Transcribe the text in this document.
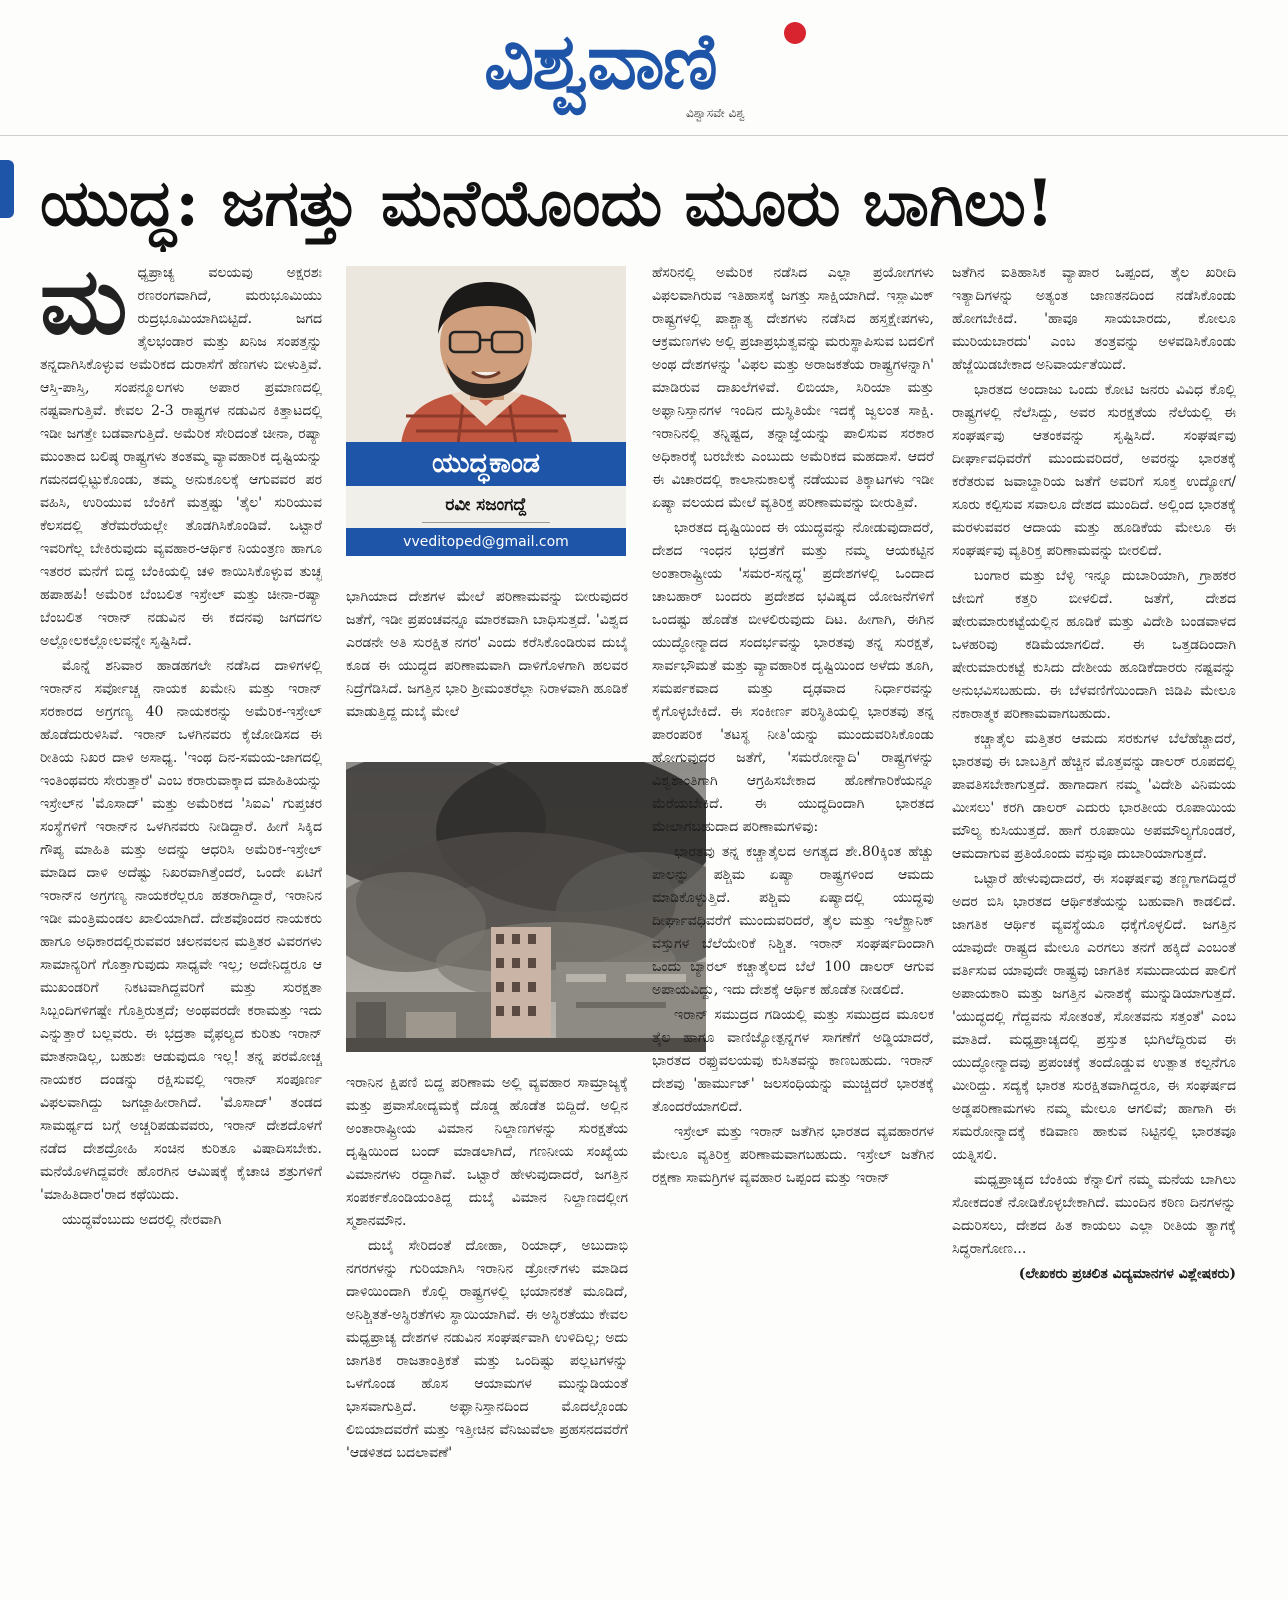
ವಿಶ್ವವಾಣಿ
ವಿಶ್ವಾಸವೇ ವಿಶ್ವ
ಯುದ್ಧ: ಜಗತ್ತು ಮನೆಯೊಂದು ಮೂರು ಬಾಗಿಲು!

ಮಧ್ಯಪ್ರಾಚ್ಯ ವಲಯವು ಅಕ್ಷರಶಃ ರಣರಂಗವಾಗಿದೆ, ಮರುಭೂಮಿಯು ರುದ್ರಭೂಮಿಯಾಗಿಬಿಟ್ಟಿದೆ. ಜಗದ ತೈಲಭಂಡಾರ ಮತ್ತು ಖನಿಜ ಸಂಪತ್ತನ್ನು ತನ್ನದಾಗಿಸಿಕೊಳ್ಳುವ ಅಮೆರಿಕದ ದುರಾಸೆಗೆ ಹೆಣಗಳು ಬೀಳುತ್ತಿವೆ. ಆಸ್ತಿ-ಪಾಸ್ತಿ, ಸಂಪನ್ಮೂಲಗಳು ಅಪಾರ ಪ್ರಮಾಣದಲ್ಲಿ ನಷ್ಟವಾಗುತ್ತಿವೆ. ಕೇವಲ 2-3 ರಾಷ್ಟ್ರಗಳ ನಡುವಿನ ಕಿತ್ತಾಟದಲ್ಲಿ ಇಡೀ ಜಗತ್ತೇ ಬಡವಾಗುತ್ತಿದೆ. ಅಮೆರಿಕ ಸೇರಿದಂತೆ ಚೀನಾ, ರಷ್ಯಾ ಮುಂತಾದ ಬಲಿಷ್ಠ ರಾಷ್ಟ್ರಗಳು ತಂತಮ್ಮ ವ್ಯಾವಹಾರಿಕ ದೃಷ್ಟಿಯನ್ನು ಗಮನದಲ್ಲಿಟ್ಟುಕೊಂಡು, ತಮ್ಮ ಅನುಕೂಲಕ್ಕೆ ಆಗುವವರ ಪರ ವಹಿಸಿ, ಉರಿಯುವ ಬೆಂಕಿಗೆ ಮತ್ತಷ್ಟು 'ತೈಲ' ಸುರಿಯುವ ಕೆಲಸದಲ್ಲಿ ತೆರೆಮರೆಯಲ್ಲೇ ತೊಡಗಿಸಿಕೊಂಡಿವೆ. ಒಟ್ಟಾರೆ ಇವರಿಗೆಲ್ಲ ಬೇಕಿರುವುದು ವ್ಯವಹಾರ-ಆರ್ಥಿಕ ನಿಯಂತ್ರಣ ಹಾಗೂ ಇತರರ ಮನೆಗೆ ಬಿದ್ದ ಬೆಂಕಿಯಲ್ಲಿ ಚಳಿ ಕಾಯಿಸಿಕೊಳ್ಳುವ ತುಚ್ಛ ಹಪಾಹಪಿ! ಅಮೆರಿಕ ಬೆಂಬಲಿತ ಇಸ್ರೇಲ್ ಮತ್ತು ಚೀನಾ-ರಷ್ಯಾ ಬೆಂಬಲಿತ ಇರಾನ್ ನಡುವಿನ ಈ ಕದನವು ಜಗದಗಲ ಅಲ್ಲೋಲಕಲ್ಲೋಲವನ್ನೇ ಸೃಷ್ಟಿಸಿದೆ.

ಮೊನ್ನೆ ಶನಿವಾರ ಹಾಡಹಗಲೇ ನಡೆಸಿದ ದಾಳಿಗಳಲ್ಲಿ ಇರಾನ್‌ನ ಸರ್ವೋಚ್ಚ ನಾಯಕ ಖಮೇನಿ ಮತ್ತು ಇರಾನ್ ಸರಕಾರದ ಅಗ್ರಗಣ್ಯ 40 ನಾಯಕರನ್ನು ಅಮೆರಿಕ-ಇಸ್ರೇಲ್ ಹೊಡೆದುರುಳಿಸಿವೆ. ಇರಾನ್ ಒಳಗಿನವರು ಕೈಜೋಡಿಸದ ಈ ರೀತಿಯ ನಿಖರ ದಾಳಿ ಅಸಾಧ್ಯ. 'ಇಂಥ ದಿನ-ಸಮಯ-ಜಾಗದಲ್ಲಿ ಇಂತಿಂಥವರು ಸೇರುತ್ತಾರೆ' ಎಂಬ ಕರಾರುವಾಕ್ಕಾದ ಮಾಹಿತಿಯನ್ನು ಇಸ್ರೇಲ್‌ನ 'ಮೊಸಾದ್' ಮತ್ತು ಅಮೆರಿಕದ 'ಸಿಐಎ' ಗುಪ್ತಚರ ಸಂಸ್ಥೆಗಳಿಗೆ ಇರಾನ್‌ನ ಒಳಗಿನವರು ನೀಡಿದ್ದಾರೆ. ಹೀಗೆ ಸಿಕ್ಕಿದ ಗೌಪ್ಯ ಮಾಹಿತಿ ಮತ್ತು ಅದನ್ನು ಆಧರಿಸಿ ಅಮೆರಿಕ-ಇಸ್ರೇಲ್ ಮಾಡಿದ ದಾಳಿ ಅದೆಷ್ಟು ನಿಖರವಾಗಿತ್ತೆಂದರೆ, ಒಂದೇ ಏಟಿಗೆ ಇರಾನ್‌ನ ಅಗ್ರಗಣ್ಯ ನಾಯಕರೆಲ್ಲರೂ ಹತರಾಗಿದ್ದಾರೆ, ಇರಾನಿನ ಇಡೀ ಮಂತ್ರಿಮಂಡಲ ಖಾಲಿಯಾಗಿದೆ. ದೇಶವೊಂದರ ನಾಯಕರು ಹಾಗೂ ಅಧಿಕಾರದಲ್ಲಿರುವವರ ಚಲನವಲನ ಮತ್ತಿತರ ವಿವರಗಳು ಸಾಮಾನ್ಯರಿಗೆ ಗೊತ್ತಾಗುವುದು ಸಾಧ್ಯವೇ ಇಲ್ಲ; ಅದೇನಿದ್ದರೂ ಆ ಮುಖಂಡರಿಗೆ ನಿಕಟವಾಗಿದ್ದವರಿಗೆ ಮತ್ತು ಸುರಕ್ಷತಾ ಸಿಬ್ಬಂದಿಗಳಿಗಷ್ಟೇ ಗೊತ್ತಿರುತ್ತದೆ; ಅಂಥವರದೇ ಕರಾಮತ್ತು ಇದು ಎನ್ನುತ್ತಾರೆ ಬಲ್ಲವರು. ಈ ಭದ್ರತಾ ವೈಫಲ್ಯದ ಕುರಿತು ಇರಾನ್ ಮಾತನಾಡಿಲ್ಲ, ಬಹುಶಃ ಆಡುವುದೂ ಇಲ್ಲ! ತನ್ನ ಪರಮೋಚ್ಚ ನಾಯಕರ ದಂಡನ್ನು ರಕ್ಷಿಸುವಲ್ಲಿ ಇರಾನ್ ಸಂಪೂರ್ಣ ವಿಫಲವಾಗಿದ್ದು ಜಗಜ್ಜಾಹೀರಾಗಿದೆ. 'ಮೊಸಾದ್' ತಂಡದ ಸಾಮರ್ಥ್ಯದ ಬಗ್ಗೆ ಅಚ್ಚರಿಪಡುವವರು, ಇರಾನ್ ದೇಶದೊಳಗೆ ನಡೆದ ದೇಶದ್ರೋಹಿ ಸಂಚಿನ ಕುರಿತೂ ವಿಷಾದಿಸಬೇಕು. ಮನೆಯೊಳಗಿದ್ದವರೇ ಹೊರಗಿನ ಆಮಿಷಕ್ಕೆ ಕೈಚಾಚಿ ಶತ್ರುಗಳಿಗೆ 'ಮಾಹಿತಿದಾರ'ರಾದ ಕಥೆಯಿದು.

ಯುದ್ಧವೆಂಬುದು ಅದರಲ್ಲಿ ನೇರವಾಗಿ

ಯುದ್ಧಕಾಂಡ
ರವೀ ಸಜಂಗದ್ದೆ
vveditoped@gmail.com

ಭಾಗಿಯಾದ ದೇಶಗಳ ಮೇಲೆ ಪರಿಣಾಮವನ್ನು ಬೀರುವುದರ ಜತೆಗೆ, ಇಡೀ ಪ್ರಪಂಚವನ್ನೂ ಮಾರಕವಾಗಿ ಬಾಧಿಸುತ್ತದೆ. 'ವಿಶ್ವದ ಎರಡನೇ ಅತಿ ಸುರಕ್ಷಿತ ನಗರ' ಎಂದು ಕರೆಸಿಕೊಂಡಿರುವ ದುಬೈ ಕೂಡ ಈ ಯುದ್ಧದ ಪರಿಣಾಮವಾಗಿ ದಾಳಿಗೊಳಗಾಗಿ ಹಲವರ ನಿದ್ರೆಗೆಡಿಸಿದೆ. ಜಗತ್ತಿನ ಭಾರಿ ಶ್ರೀಮಂತರೆಲ್ಲಾ ನಿರಾಳವಾಗಿ ಹೂಡಿಕೆ ಮಾಡುತ್ತಿದ್ದ ದುಬೈ ಮೇಲೆ

ಇರಾನಿನ ಕ್ಷಿಪಣಿ ಬಿದ್ದ ಪರಿಣಾಮ ಅಲ್ಲಿ ವ್ಯವಹಾರ ಸಾಮ್ರಾಜ್ಯಕ್ಕೆ ಮತ್ತು ಪ್ರವಾಸೋದ್ಯಮಕ್ಕೆ ದೊಡ್ಡ ಹೊಡೆತ ಬಿದ್ದಿದೆ. ಅಲ್ಲಿನ ಅಂತಾರಾಷ್ಟ್ರೀಯ ವಿಮಾನ ನಿಲ್ದಾಣಗಳನ್ನು ಸುರಕ್ಷತೆಯ ದೃಷ್ಟಿಯಿಂದ ಬಂದ್ ಮಾಡಲಾಗಿದೆ, ಗಣನೀಯ ಸಂಖ್ಯೆಯ ವಿಮಾನಗಳು ರದ್ದಾಗಿವೆ. ಒಟ್ಟಾರೆ ಹೇಳುವುದಾದರೆ, ಜಗತ್ತಿನ ಸಂಪರ್ಕಕೊಂಡಿಯಂತಿದ್ದ ದುಬೈ ವಿಮಾನ ನಿಲ್ದಾಣದಲ್ಲೀಗ ಸ್ಮಶಾನಮೌನ.

ದುಬೈ ಸೇರಿದಂತೆ ದೋಹಾ, ರಿಯಾಧ್, ಅಬುದಾಭಿ ನಗರಗಳನ್ನು ಗುರಿಯಾಗಿಸಿ ಇರಾನಿನ ಡ್ರೋನ್‌ಗಳು ಮಾಡಿದ ದಾಳಿಯಿಂದಾಗಿ ಕೊಲ್ಲಿ ರಾಷ್ಟ್ರಗಳಲ್ಲಿ ಭಯಾನಕತೆ ಮೂಡಿದೆ, ಅನಿಶ್ಚಿತತೆ-ಅಸ್ಥಿರತೆಗಳು ಸ್ಥಾಯಿಯಾಗಿವೆ. ಈ ಅಸ್ಥಿರತೆಯು ಕೇವಲ ಮಧ್ಯಪ್ರಾಚ್ಯ ದೇಶಗಳ ನಡುವಿನ ಸಂಘರ್ಷವಾಗಿ ಉಳಿದಿಲ್ಲ; ಅದು ಜಾಗತಿಕ ರಾಜತಾಂತ್ರಿಕತೆ ಮತ್ತು ಒಂದಿಷ್ಟು ಪಲ್ಲಟಗಳನ್ನು ಒಳಗೊಂಡ ಹೊಸ ಆಯಾಮಗಳ ಮುನ್ನುಡಿಯಂತೆ ಭಾಸವಾಗುತ್ತಿದೆ. ಅಫ್ಘಾನಿಸ್ತಾನದಿಂದ ಮೊದಲ್ಗೊಂಡು ಲಿಬಿಯಾದವರೆಗೆ ಮತ್ತು ಇತ್ತೀಚಿನ ವೆನಿಜುವೆಲಾ ಪ್ರಹಸನದವರೆಗೆ 'ಆಡಳಿತದ ಬದಲಾವಣೆ'

ಹೆಸರಿನಲ್ಲಿ ಅಮೆರಿಕ ನಡೆಸಿದ ಎಲ್ಲಾ ಪ್ರಯೋಗಗಳು ವಿಫಲವಾಗಿರುವ ಇತಿಹಾಸಕ್ಕೆ ಜಗತ್ತು ಸಾಕ್ಷಿಯಾಗಿದೆ. ಇಸ್ಲಾಮಿಕ್ ರಾಷ್ಟ್ರಗಳಲ್ಲಿ ಪಾಶ್ಚಾತ್ಯ ದೇಶಗಳು ನಡೆಸಿದ ಹಸ್ತಕ್ಷೇಪಗಳು, ಆಕ್ರಮಣಗಳು ಅಲ್ಲಿ ಪ್ರಜಾಪ್ರಭುತ್ವವನ್ನು ಮರುಸ್ಥಾಪಿಸುವ ಬದಲಿಗೆ ಅಂಥ ದೇಶಗಳನ್ನು 'ವಿಫಲ ಮತ್ತು ಅರಾಜಕತೆಯ ರಾಷ್ಟ್ರಗಳನ್ನಾಗಿ' ಮಾಡಿರುವ ದಾಖಲೆಗಳಿವೆ. ಲಿಬಿಯಾ, ಸಿರಿಯಾ ಮತ್ತು ಅಫ್ಘಾನಿಸ್ತಾನಗಳ ಇಂದಿನ ದುಸ್ಥಿತಿಯೇ ಇದಕ್ಕೆ ಜ್ವಲಂತ ಸಾಕ್ಷಿ. ಇರಾನಿನಲ್ಲಿ ತನ್ನಿಷ್ಟದ, ತನ್ನಾಜ್ಞೆಯನ್ನು ಪಾಲಿಸುವ ಸರಕಾರ ಅಧಿಕಾರಕ್ಕೆ ಬರಬೇಕು ಎಂಬುದು ಅಮೆರಿಕದ ಮಹದಾಸೆ. ಆದರೆ ಈ ವಿಚಾರದಲ್ಲಿ ಕಾಲಾನುಕಾಲಕ್ಕೆ ನಡೆಯುವ ತಿಕ್ಕಾಟಗಳು ಇಡೀ ಏಷ್ಯಾ ವಲಯದ ಮೇಲೆ ವ್ಯತಿರಿಕ್ತ ಪರಿಣಾಮವನ್ನು ಬೀರುತ್ತಿವೆ.

ಭಾರತದ ದೃಷ್ಟಿಯಿಂದ ಈ ಯುದ್ಧವನ್ನು ನೋಡುವುದಾದರೆ, ದೇಶದ ಇಂಧನ ಭದ್ರತೆಗೆ ಮತ್ತು ನಮ್ಮ ಆಯಕಟ್ಟಿನ ಅಂತಾರಾಷ್ಟ್ರೀಯ 'ಸಮರ-ಸನ್ನದ್ಧ' ಪ್ರದೇಶಗಳಲ್ಲಿ ಒಂದಾದ ಚಾಬಹಾರ್ ಬಂದರು ಪ್ರದೇಶದ ಭವಿಷ್ಯದ ಯೋಜನೆಗಳಿಗೆ ಒಂದಷ್ಟು ಹೊಡೆತ ಬೀಳಲಿರುವುದು ದಿಟ. ಹೀಗಾಗಿ, ಈಗಿನ ಯುದ್ಧೋನ್ಮಾದದ ಸಂದರ್ಭವನ್ನು ಭಾರತವು ತನ್ನ ಸುರಕ್ಷತೆ, ಸಾರ್ವಭೌಮತೆ ಮತ್ತು ವ್ಯಾವಹಾರಿಕ ದೃಷ್ಟಿಯಿಂದ ಅಳೆದು ತೂಗಿ, ಸಮರ್ಪಕವಾದ ಮತ್ತು ದೃಢವಾದ ನಿರ್ಧಾರವನ್ನು ಕೈಗೊಳ್ಳಬೇಕಿದೆ. ಈ ಸಂಕೀರ್ಣ ಪರಿಸ್ಥಿತಿಯಲ್ಲಿ ಭಾರತವು ತನ್ನ ಪಾರಂಪರಿಕ 'ತಟಸ್ಥ ನೀತಿ'ಯನ್ನು ಮುಂದುವರಿಸಿಕೊಂಡು ಹೋಗುವುದರ ಜತೆಗೆ, 'ಸಮರೋನ್ಮಾದಿ' ರಾಷ್ಟ್ರಗಳನ್ನು ವಿಶ್ವಶಾಂತಿಗಾಗಿ ಆಗ್ರಹಿಸಬೇಕಾದ ಹೊಣೆಗಾರಿಕೆಯನ್ನೂ ಮೆರೆಯಬೇಕಿದೆ. ಈ ಯುದ್ಧದಿಂದಾಗಿ ಭಾರತದ ಮೇಲಾಗಬಹುದಾದ ಪರಿಣಾಮಗಳಿವು:

ಭಾರತವು ತನ್ನ ಕಚ್ಚಾತೈಲದ ಅಗತ್ಯದ ಶೇ.80ಕ್ಕಿಂತ ಹೆಚ್ಚು ಪಾಲನ್ನು ಪಶ್ಚಿಮ ಏಷ್ಯಾ ರಾಷ್ಟ್ರಗಳಿಂದ ಆಮದು ಮಾಡಿಕೊಳ್ಳುತ್ತಿದೆ. ಪಶ್ಚಿಮ ಏಷ್ಯಾದಲ್ಲಿ ಯುದ್ಧವು ದೀರ್ಘಾವಧಿವರೆಗೆ ಮುಂದುವರಿದರೆ, ತೈಲ ಮತ್ತು ಇಲೆಕ್ಟ್ರಾನಿಕ್ ವಸ್ತುಗಳ ಬೆಲೆಯೇರಿಕೆ ನಿಶ್ಚಿತ. ಇರಾನ್ ಸಂಘರ್ಷದಿಂದಾಗಿ ಒಂದು ಬ್ಯಾರಲ್ ಕಚ್ಚಾತೈಲದ ಬೆಲೆ 100 ಡಾಲರ್ ಆಗುವ ಅಪಾಯವಿದ್ದು, ಇದು ದೇಶಕ್ಕೆ ಆರ್ಥಿಕ ಹೊಡೆತ ನೀಡಲಿದೆ.

ಇರಾನ್ ಸಮುದ್ರದ ಗಡಿಯಲ್ಲಿ ಮತ್ತು ಸಮುದ್ರದ ಮೂಲಕ ತೈಲ ಹಾಗೂ ವಾಣಿಜ್ಯೋತ್ಪನ್ನಗಳ ಸಾಗಣೆಗೆ ಅಡ್ಡಿಯಾದರೆ, ಭಾರತದ ರಫ್ತುವಲಯವು ಕುಸಿತವನ್ನು ಕಾಣಬಹುದು. ಇರಾನ್ ದೇಶವು 'ಹಾರ್ಮುಜ್' ಜಲಸಂಧಿಯನ್ನು ಮುಚ್ಚಿದರೆ ಭಾರತಕ್ಕೆ ತೊಂದರೆಯಾಗಲಿದೆ.

ಇಸ್ರೇಲ್ ಮತ್ತು ಇರಾನ್ ಜತೆಗಿನ ಭಾರತದ ವ್ಯವಹಾರಗಳ ಮೇಲೂ ವ್ಯತಿರಿಕ್ತ ಪರಿಣಾಮವಾಗಬಹುದು. ಇಸ್ರೇಲ್ ಜತೆಗಿನ ರಕ್ಷಣಾ ಸಾಮಗ್ರಿಗಳ ವ್ಯವಹಾರ ಒಪ್ಪಂದ ಮತ್ತು ಇರಾನ್

ಜತೆಗಿನ ಐತಿಹಾಸಿಕ ವ್ಯಾಪಾರ ಒಪ್ಪಂದ, ತೈಲ ಖರೀದಿ ಇತ್ಯಾದಿಗಳನ್ನು ಅತ್ಯಂತ ಜಾಣತನದಿಂದ ನಡೆಸಿಕೊಂಡು ಹೋಗಬೇಕಿದೆ. 'ಹಾವೂ ಸಾಯಬಾರದು, ಕೋಲೂ ಮುರಿಯಬಾರದು' ಎಂಬ ತಂತ್ರವನ್ನು ಅಳವಡಿಸಿಕೊಂಡು ಹೆಜ್ಜೆಯಿಡಬೇಕಾದ ಅನಿವಾರ್ಯತೆಯಿದೆ.

ಭಾರತದ ಅಂದಾಜು ಒಂದು ಕೋಟಿ ಜನರು ವಿವಿಧ ಕೊಲ್ಲಿ ರಾಷ್ಟ್ರಗಳಲ್ಲಿ ನೆಲೆಸಿದ್ದು, ಅವರ ಸುರಕ್ಷತೆಯ ನೆಲೆಯಲ್ಲಿ ಈ ಸಂಘರ್ಷವು ಆತಂಕವನ್ನು ಸೃಷ್ಟಿಸಿದೆ. ಸಂಘರ್ಷವು ದೀರ್ಘಾವಧಿವರೆಗೆ ಮುಂದುವರಿದರೆ, ಅವರನ್ನು ಭಾರತಕ್ಕೆ ಕರೆತರುವ ಜವಾಬ್ದಾರಿಯ ಜತೆಗೆ ಅವರಿಗೆ ಸೂಕ್ತ ಉದ್ಯೋಗ/ಸೂರು ಕಲ್ಪಿಸುವ ಸವಾಲೂ ದೇಶದ ಮುಂದಿದೆ. ಅಲ್ಲಿಂದ ಭಾರತಕ್ಕೆ ಮರಳುವವರ ಆದಾಯ ಮತ್ತು ಹೂಡಿಕೆಯ ಮೇಲೂ ಈ ಸಂಘರ್ಷವು ವ್ಯತಿರಿಕ್ತ ಪರಿಣಾಮವನ್ನು ಬೀರಲಿದೆ.

ಬಂಗಾರ ಮತ್ತು ಬೆಳ್ಳಿ ಇನ್ನೂ ದುಬಾರಿಯಾಗಿ, ಗ್ರಾಹಕರ ಜೇಬಿಗೆ ಕತ್ತರಿ ಬೀಳಲಿದೆ. ಜತೆಗೆ, ದೇಶದ ಷೇರುಮಾರುಕಟ್ಟೆಯಲ್ಲಿನ ಹೂಡಿಕೆ ಮತ್ತು ವಿದೇಶಿ ಬಂಡವಾಳದ ಒಳಹರಿವು ಕಡಿಮೆಯಾಗಲಿದೆ. ಈ ಒತ್ತಡದಿಂದಾಗಿ ಷೇರುಮಾರುಕಟ್ಟೆ ಕುಸಿದು ದೇಶೀಯ ಹೂಡಿಕೆದಾರರು ನಷ್ಟವನ್ನು ಅನುಭವಿಸಬಹುದು. ಈ ಬೆಳವಣಿಗೆಯಿಂದಾಗಿ ಜಿಡಿಪಿ ಮೇಲೂ ನಕಾರಾತ್ಮಕ ಪರಿಣಾಮವಾಗಬಹುದು.

ಕಚ್ಚಾತೈಲ ಮತ್ತಿತರ ಆಮದು ಸರಕುಗಳ ಬೆಲೆಹೆಚ್ಚಾದರೆ, ಭಾರತವು ಈ ಬಾಬತ್ತಿಗೆ ಹೆಚ್ಚಿನ ಮೊತ್ತವನ್ನು ಡಾಲರ್ ರೂಪದಲ್ಲಿ ಪಾವತಿಸಬೇಕಾಗುತ್ತದೆ. ಹಾಗಾದಾಗ ನಮ್ಮ 'ವಿದೇಶಿ ವಿನಿಮಯ ಮೀಸಲು' ಕರಗಿ ಡಾಲರ್ ಎದುರು ಭಾರತೀಯ ರೂಪಾಯಿಯ ಮೌಲ್ಯ ಕುಸಿಯುತ್ತದೆ. ಹಾಗೆ ರೂಪಾಯಿ ಅಪಮೌಲ್ಯಗೊಂಡರೆ, ಆಮದಾಗುವ ಪ್ರತಿಯೊಂದು ವಸ್ತುವೂ ದುಬಾರಿಯಾಗುತ್ತದೆ.

ಒಟ್ಟಾರೆ ಹೇಳುವುದಾದರೆ, ಈ ಸಂಘರ್ಷವು ತಣ್ಣಗಾಗದಿದ್ದರೆ ಅದರ ಬಿಸಿ ಭಾರತದ ಆರ್ಥಿಕತೆಯನ್ನು ಬಹುವಾಗಿ ಕಾಡಲಿದೆ. ಜಾಗತಿಕ ಆರ್ಥಿಕ ವ್ಯವಸ್ಥೆಯೂ ಧಕ್ಕೆಗೊಳ್ಳಲಿದೆ. ಜಗತ್ತಿನ ಯಾವುದೇ ರಾಷ್ಟ್ರದ ಮೇಲೂ ಎರಗಲು ತನಗೆ ಹಕ್ಕಿದೆ ಎಂಬಂತೆ ವರ್ತಿಸುವ ಯಾವುದೇ ರಾಷ್ಟ್ರವು ಜಾಗತಿಕ ಸಮುದಾಯದ ಪಾಲಿಗೆ ಅಪಾಯಕಾರಿ ಮತ್ತು ಜಗತ್ತಿನ ವಿನಾಶಕ್ಕೆ ಮುನ್ನುಡಿಯಾಗುತ್ತದೆ. 'ಯುದ್ಧದಲ್ಲಿ ಗೆದ್ದವನು ಸೋತಂತೆ, ಸೋತವನು ಸತ್ತಂತೆ' ಎಂಬ ಮಾತಿದೆ. ಮಧ್ಯಪ್ರಾಚ್ಯದಲ್ಲಿ ಪ್ರಸ್ತುತ ಭುಗಿಲೆದ್ದಿರುವ ಈ ಯುದ್ಧೋನ್ಮಾದವು ಪ್ರಪಂಚಕ್ಕೆ ತಂದೊಡ್ಡುವ ಉತ್ಪಾತ ಕಲ್ಪನೆಗೂ ಮೀರಿದ್ದು. ಸದ್ಯಕ್ಕೆ ಭಾರತ ಸುರಕ್ಷಿತವಾಗಿದ್ದರೂ, ಈ ಸಂಘರ್ಷದ ಅಡ್ಡಪರಿಣಾಮಗಳು ನಮ್ಮ ಮೇಲೂ ಆಗಲಿವೆ; ಹಾಗಾಗಿ ಈ ಸಮರೋನ್ಮಾದಕ್ಕೆ ಕಡಿವಾಣ ಹಾಕುವ ನಿಟ್ಟಿನಲ್ಲಿ ಭಾರತವೂ ಯತ್ನಿಸಲಿ.

ಮಧ್ಯಪ್ರಾಚ್ಯದ ಬೆಂಕಿಯ ಕೆನ್ನಾಲಿಗೆ ನಮ್ಮ ಮನೆಯ ಬಾಗಿಲು ಸೋಕದಂತೆ ನೋಡಿಕೊಳ್ಳಬೇಕಾಗಿದೆ. ಮುಂದಿನ ಕಠಿಣ ದಿನಗಳನ್ನು ಎದುರಿಸಲು, ದೇಶದ ಹಿತ ಕಾಯಲು ಎಲ್ಲಾ ರೀತಿಯ ತ್ಯಾಗಕ್ಕೆ ಸಿದ್ಧರಾಗೋಣ...

(ಲೇಖಕರು ಪ್ರಚಲಿತ ವಿದ್ಯಮಾನಗಳ ವಿಶ್ಲೇಷಕರು)
